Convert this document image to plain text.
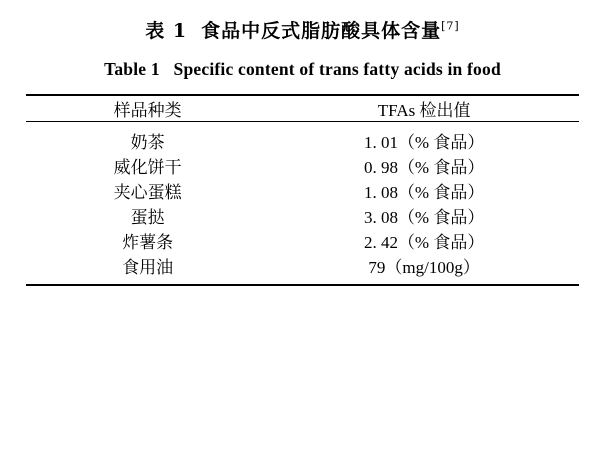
表 1 食品中反式脂肪酸具体含量[7]
Table 1 Specific content of trans fatty acids in food

样品种类	TFAs 检出值

奶茶	1. 01（% 食品）
威化饼干	0. 98（% 食品）
夹心蛋糕	1. 08（% 食品）
蛋挞	3. 08（% 食品）
炸薯条	2. 42（% 食品）
食用油	79（mg/100g）
